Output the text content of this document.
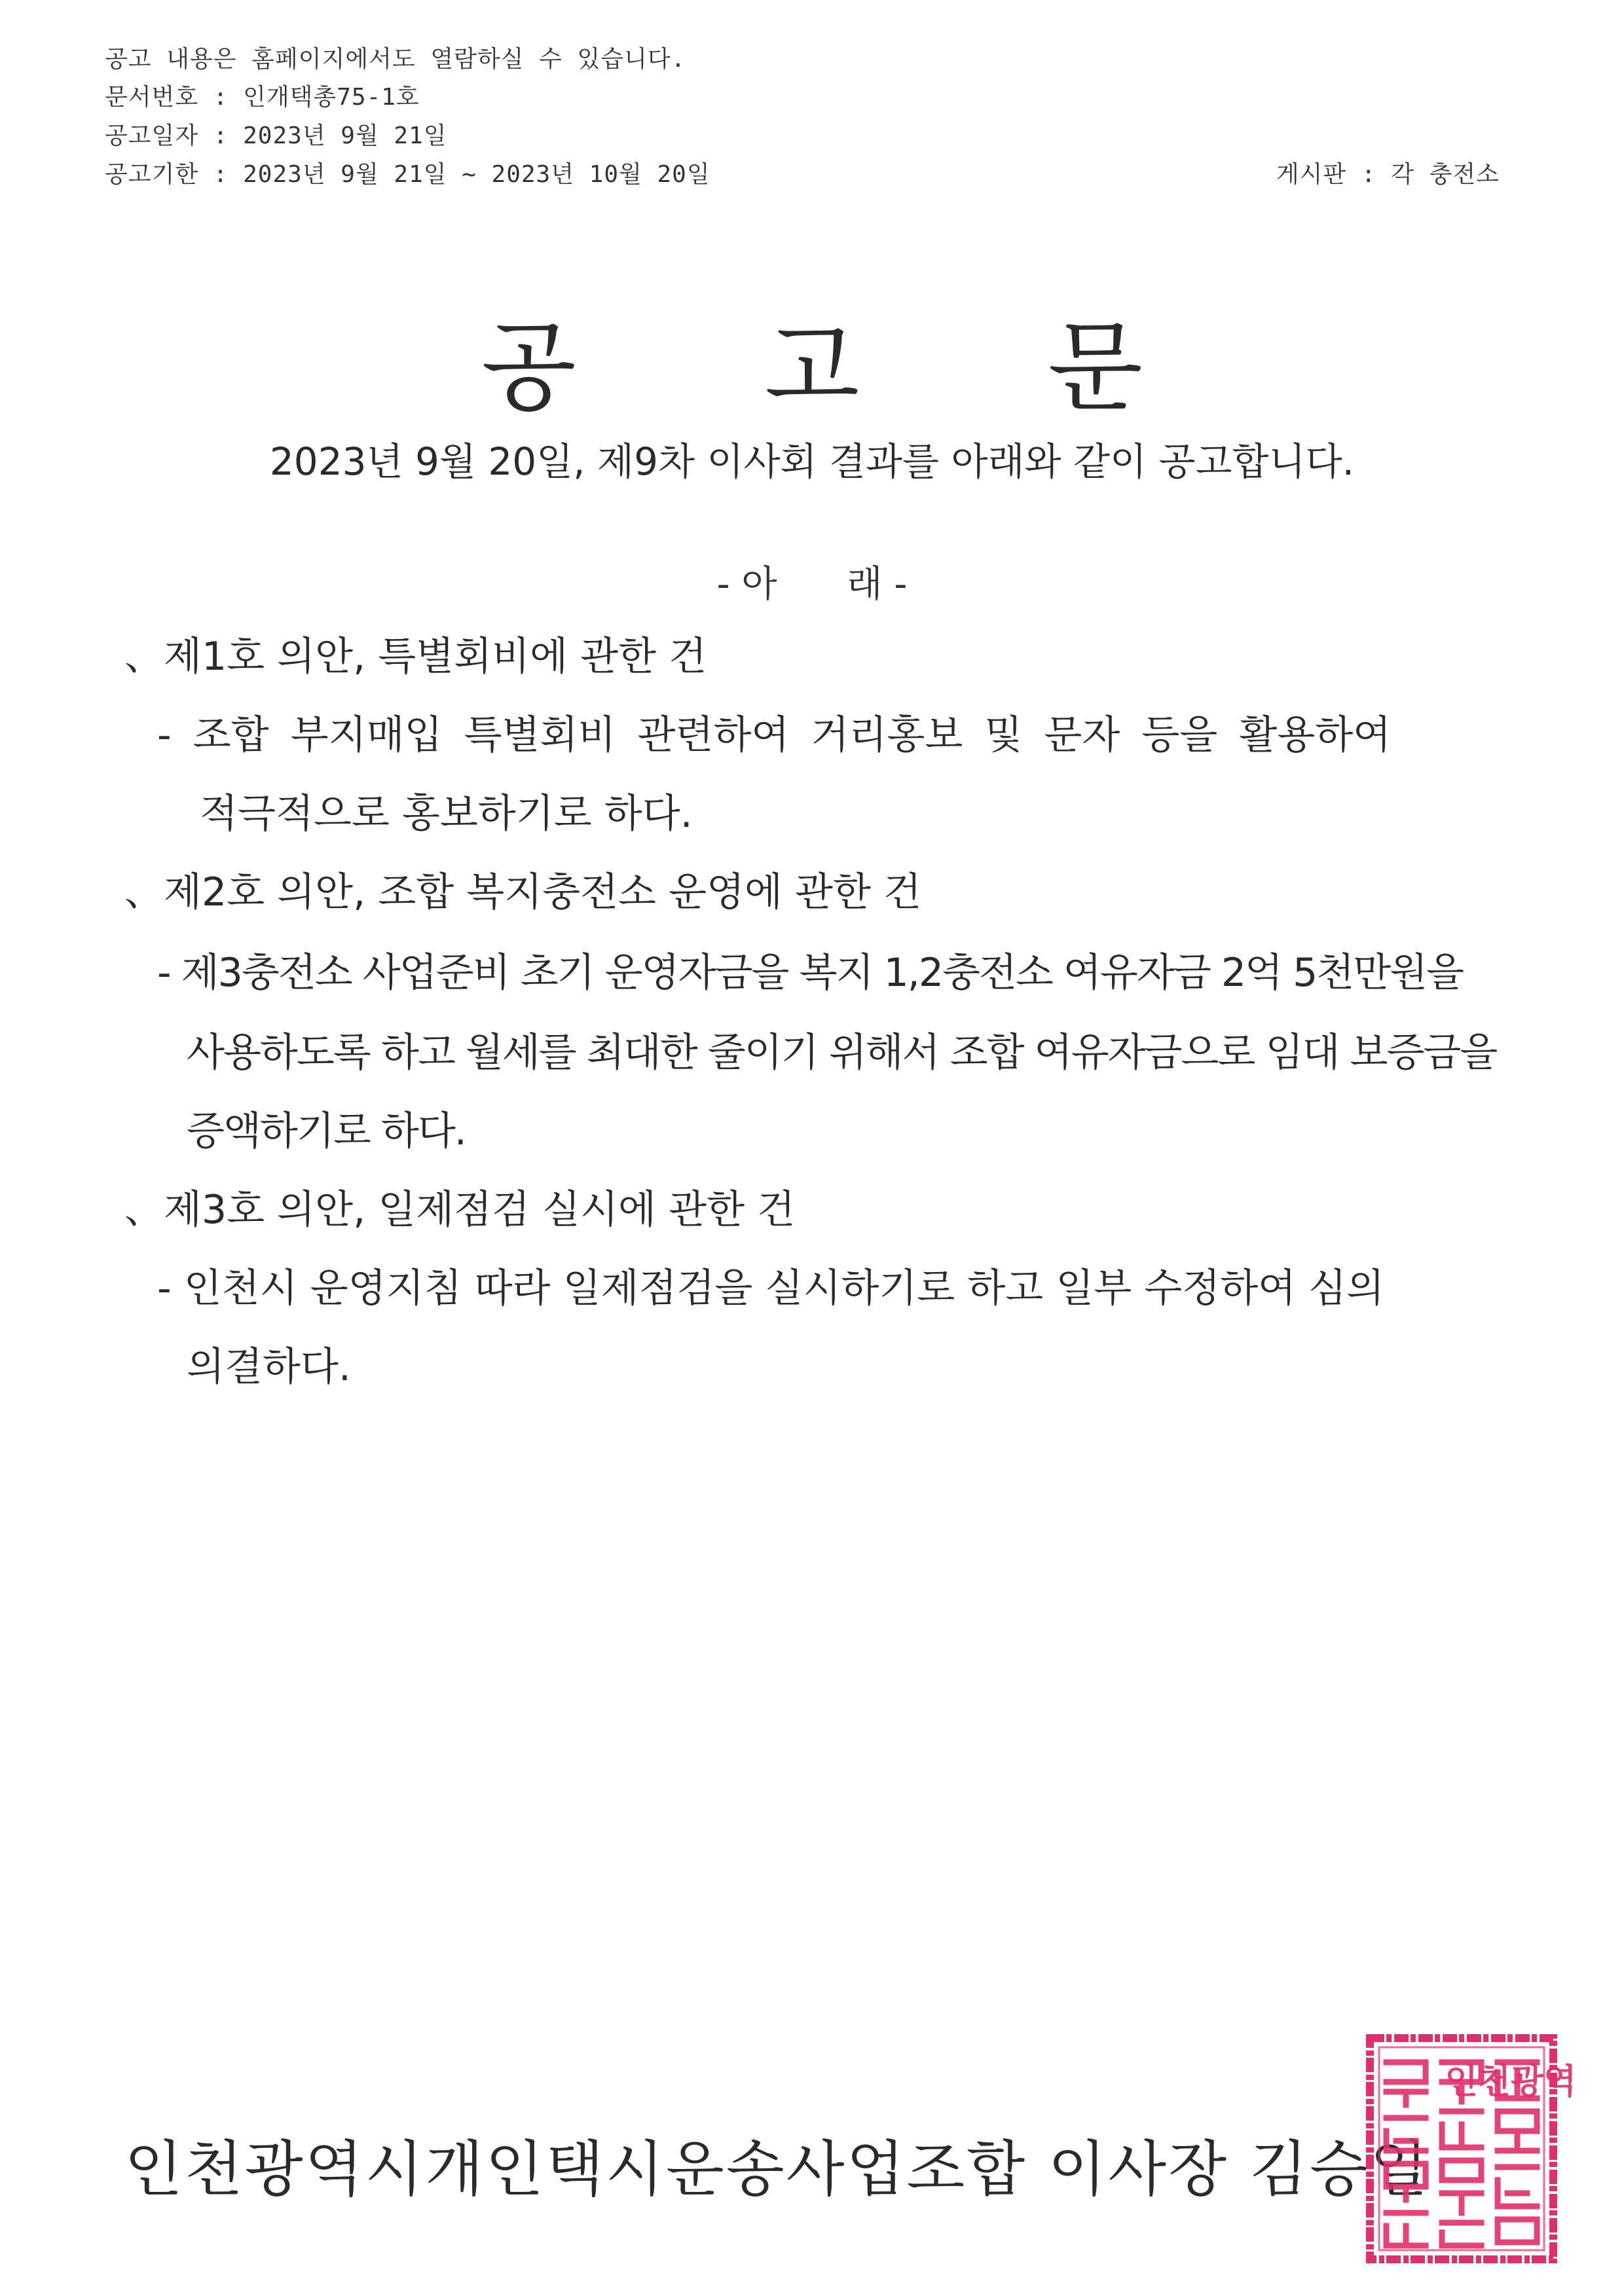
공고 내용은 홈페이지에서도 열람하실 수 있습니다.
문서번호 : 인개택총75-1호
공고일자 : 2023년 9월 21일
공고기한 : 2023년 9월 21일 ~ 2023년 10월 20일	게시판 : 각 충전소
공 고 문
2023년 9월 20일, 제9차 이사회 결과를 아래와 같이 공고합니다.
- 아      래 -
、제1호 의안, 특별회비에 관한 건
- 조합 부지매입 특별회비 관련하여 거리홍보 및 문자 등을 활용하여
적극적으로 홍보하기로 하다.
、제2호 의안, 조합 복지충전소 운영에 관한 건
- 제3충전소 사업준비 초기 운영자금을 복지 1,2충전소 여유자금 2억 5천만원을
사용하도록 하고 월세를 최대한 줄이기 위해서 조합 여유자금으로 임대 보증금을
증액하기로 하다.
、제3호 의안, 일제점검 실시에 관한 건
- 인천시 운영지침 따라 일제점검을 실시하기로 하고 일부 수정하여 심의
의결하다.
인천광역시개인택시운송사업조합 이사장 김승일
인천광역
